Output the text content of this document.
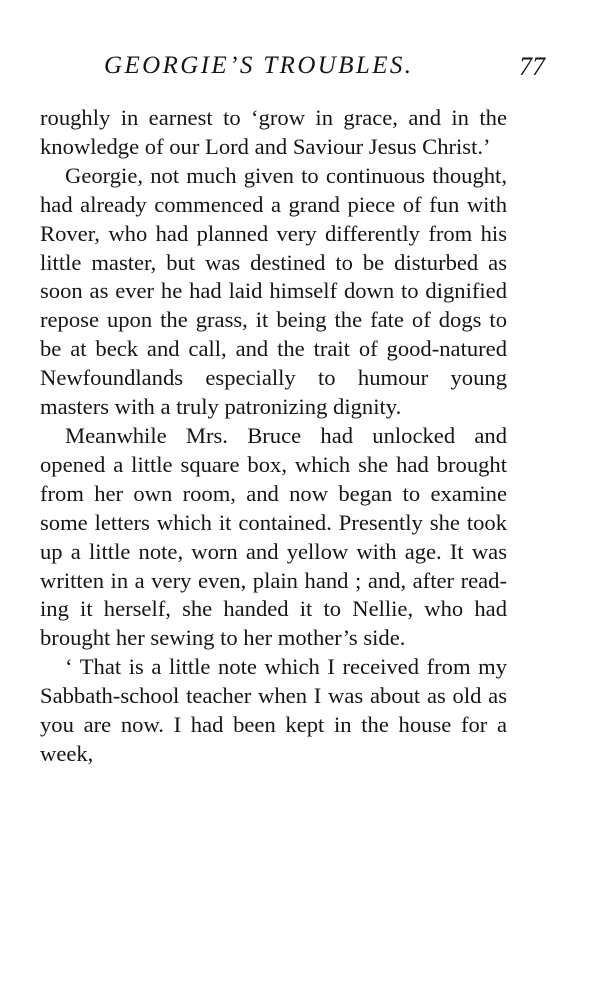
GEORGIE’S TROUBLES.	77

roughly in earnest to ‘grow in grace, and in the knowledge of our Lord and Saviour Jesus Christ.’

Georgie, not much given to continuous thought, had already commenced a grand piece of fun with Rover, who had planned very differently from his little master, but was destined to be disturbed as soon as ever he had laid himself down to dignified repose upon the grass, it being the fate of dogs to be at beck and call, and the trait of good-natured Newfoundlands especially to humour young masters with a truly patronizing dignity.

Meanwhile Mrs. Bruce had unlocked and opened a little square box, which she had brought from her own room, and now began to examine some letters which it contained. Presently she took up a little note, worn and yellow with age. It was written in a very even, plain hand ; and, after reading it herself, she handed it to Nellie, who had brought her sewing to her mother’s side.

‘ That is a little note which I received from my Sabbath-school teacher when I was about as old as you are now. I had been kept in the house for a week,
